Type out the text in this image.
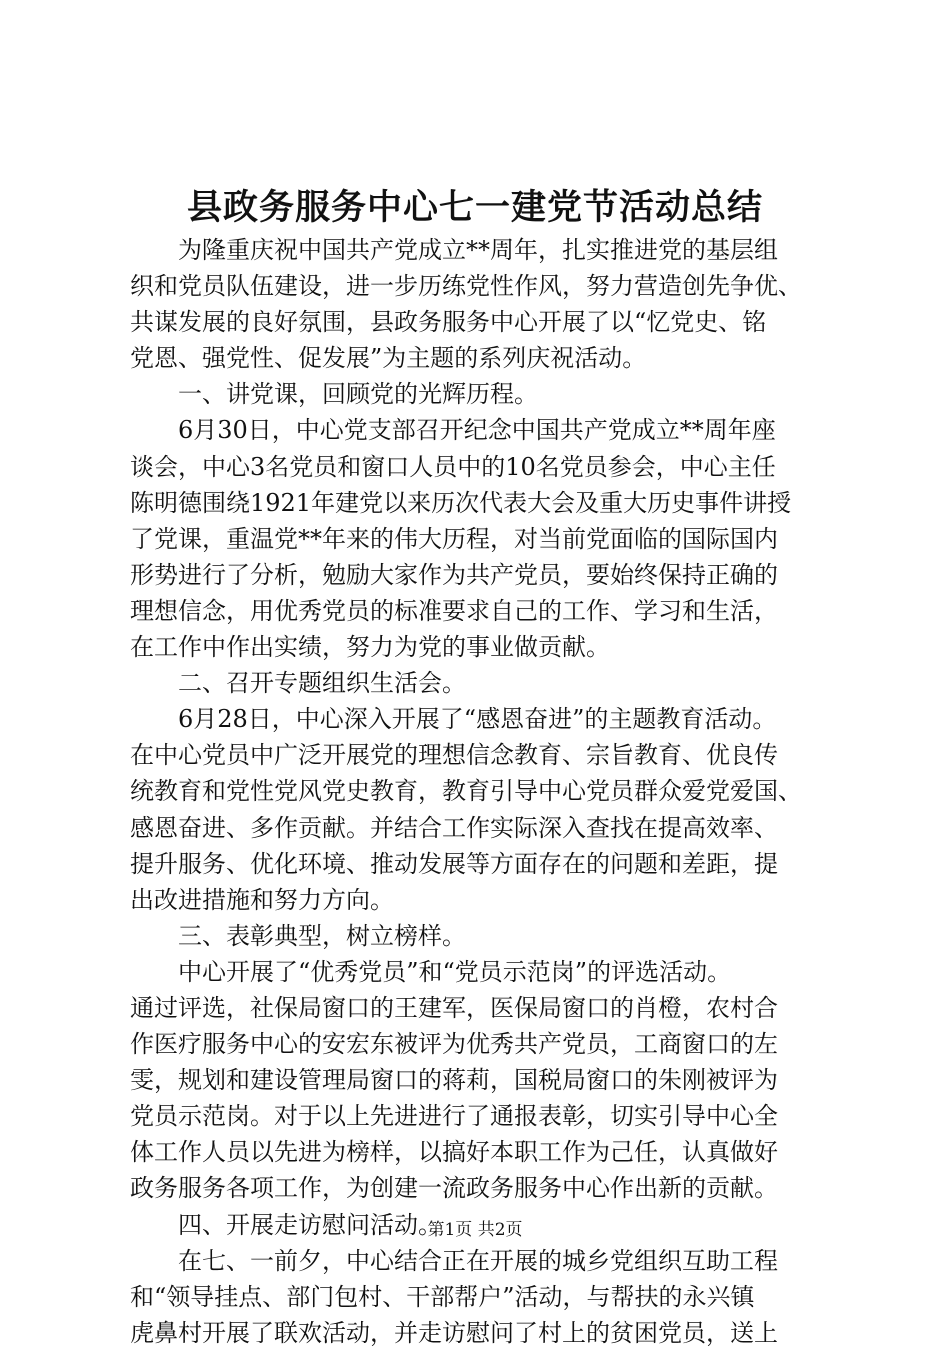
县政务服务中心七一建党节活动总结
为隆重庆祝中国共产党成立**周年，扎实推进党的基层组
织和党员队伍建设，进一步历练党性作风，努力营造创先争优、
共谋发展的良好氛围，县政务服务中心开展了以“忆党史、铭
党恩、强党性、促发展”为主题的系列庆祝活动。
一、讲党课，回顾党的光辉历程。
6月30日，中心党支部召开纪念中国共产党成立**周年座
谈会，中心3名党员和窗口人员中的10名党员参会，中心主任
陈明德围绕1921年建党以来历次代表大会及重大历史事件讲授
了党课，重温党**年来的伟大历程，对当前党面临的国际国内
形势进行了分析，勉励大家作为共产党员，要始终保持正确的
理想信念，用优秀党员的标准要求自己的工作、学习和生活，
在工作中作出实绩，努力为党的事业做贡献。
二、召开专题组织生活会。
6月28日，中心深入开展了“感恩奋进”的主题教育活动。
在中心党员中广泛开展党的理想信念教育、宗旨教育、优良传
统教育和党性党风党史教育，教育引导中心党员群众爱党爱国、
感恩奋进、多作贡献。并结合工作实际深入查找在提高效率、
提升服务、优化环境、推动发展等方面存在的问题和差距，提
出改进措施和努力方向。
三、表彰典型，树立榜样。
中心开展了“优秀党员”和“党员示范岗”的评选活动。
通过评选，社保局窗口的王建军，医保局窗口的肖橙，农村合
作医疗服务中心的安宏东被评为优秀共产党员，工商窗口的左
雯，规划和建设管理局窗口的蒋莉，国税局窗口的朱刚被评为
党员示范岗。对于以上先进进行了通报表彰，切实引导中心全
体工作人员以先进为榜样，以搞好本职工作为己任，认真做好
政务服务各项工作，为创建一流政务服务中心作出新的贡献。
四、开展走访慰问活动。
在七、一前夕，中心结合正在开展的城乡党组织互助工程
和“领导挂点、部门包村、干部帮户”活动，与帮扶的永兴镇
虎鼻村开展了联欢活动，并走访慰问了村上的贫困党员，送上
第1页 共2页
